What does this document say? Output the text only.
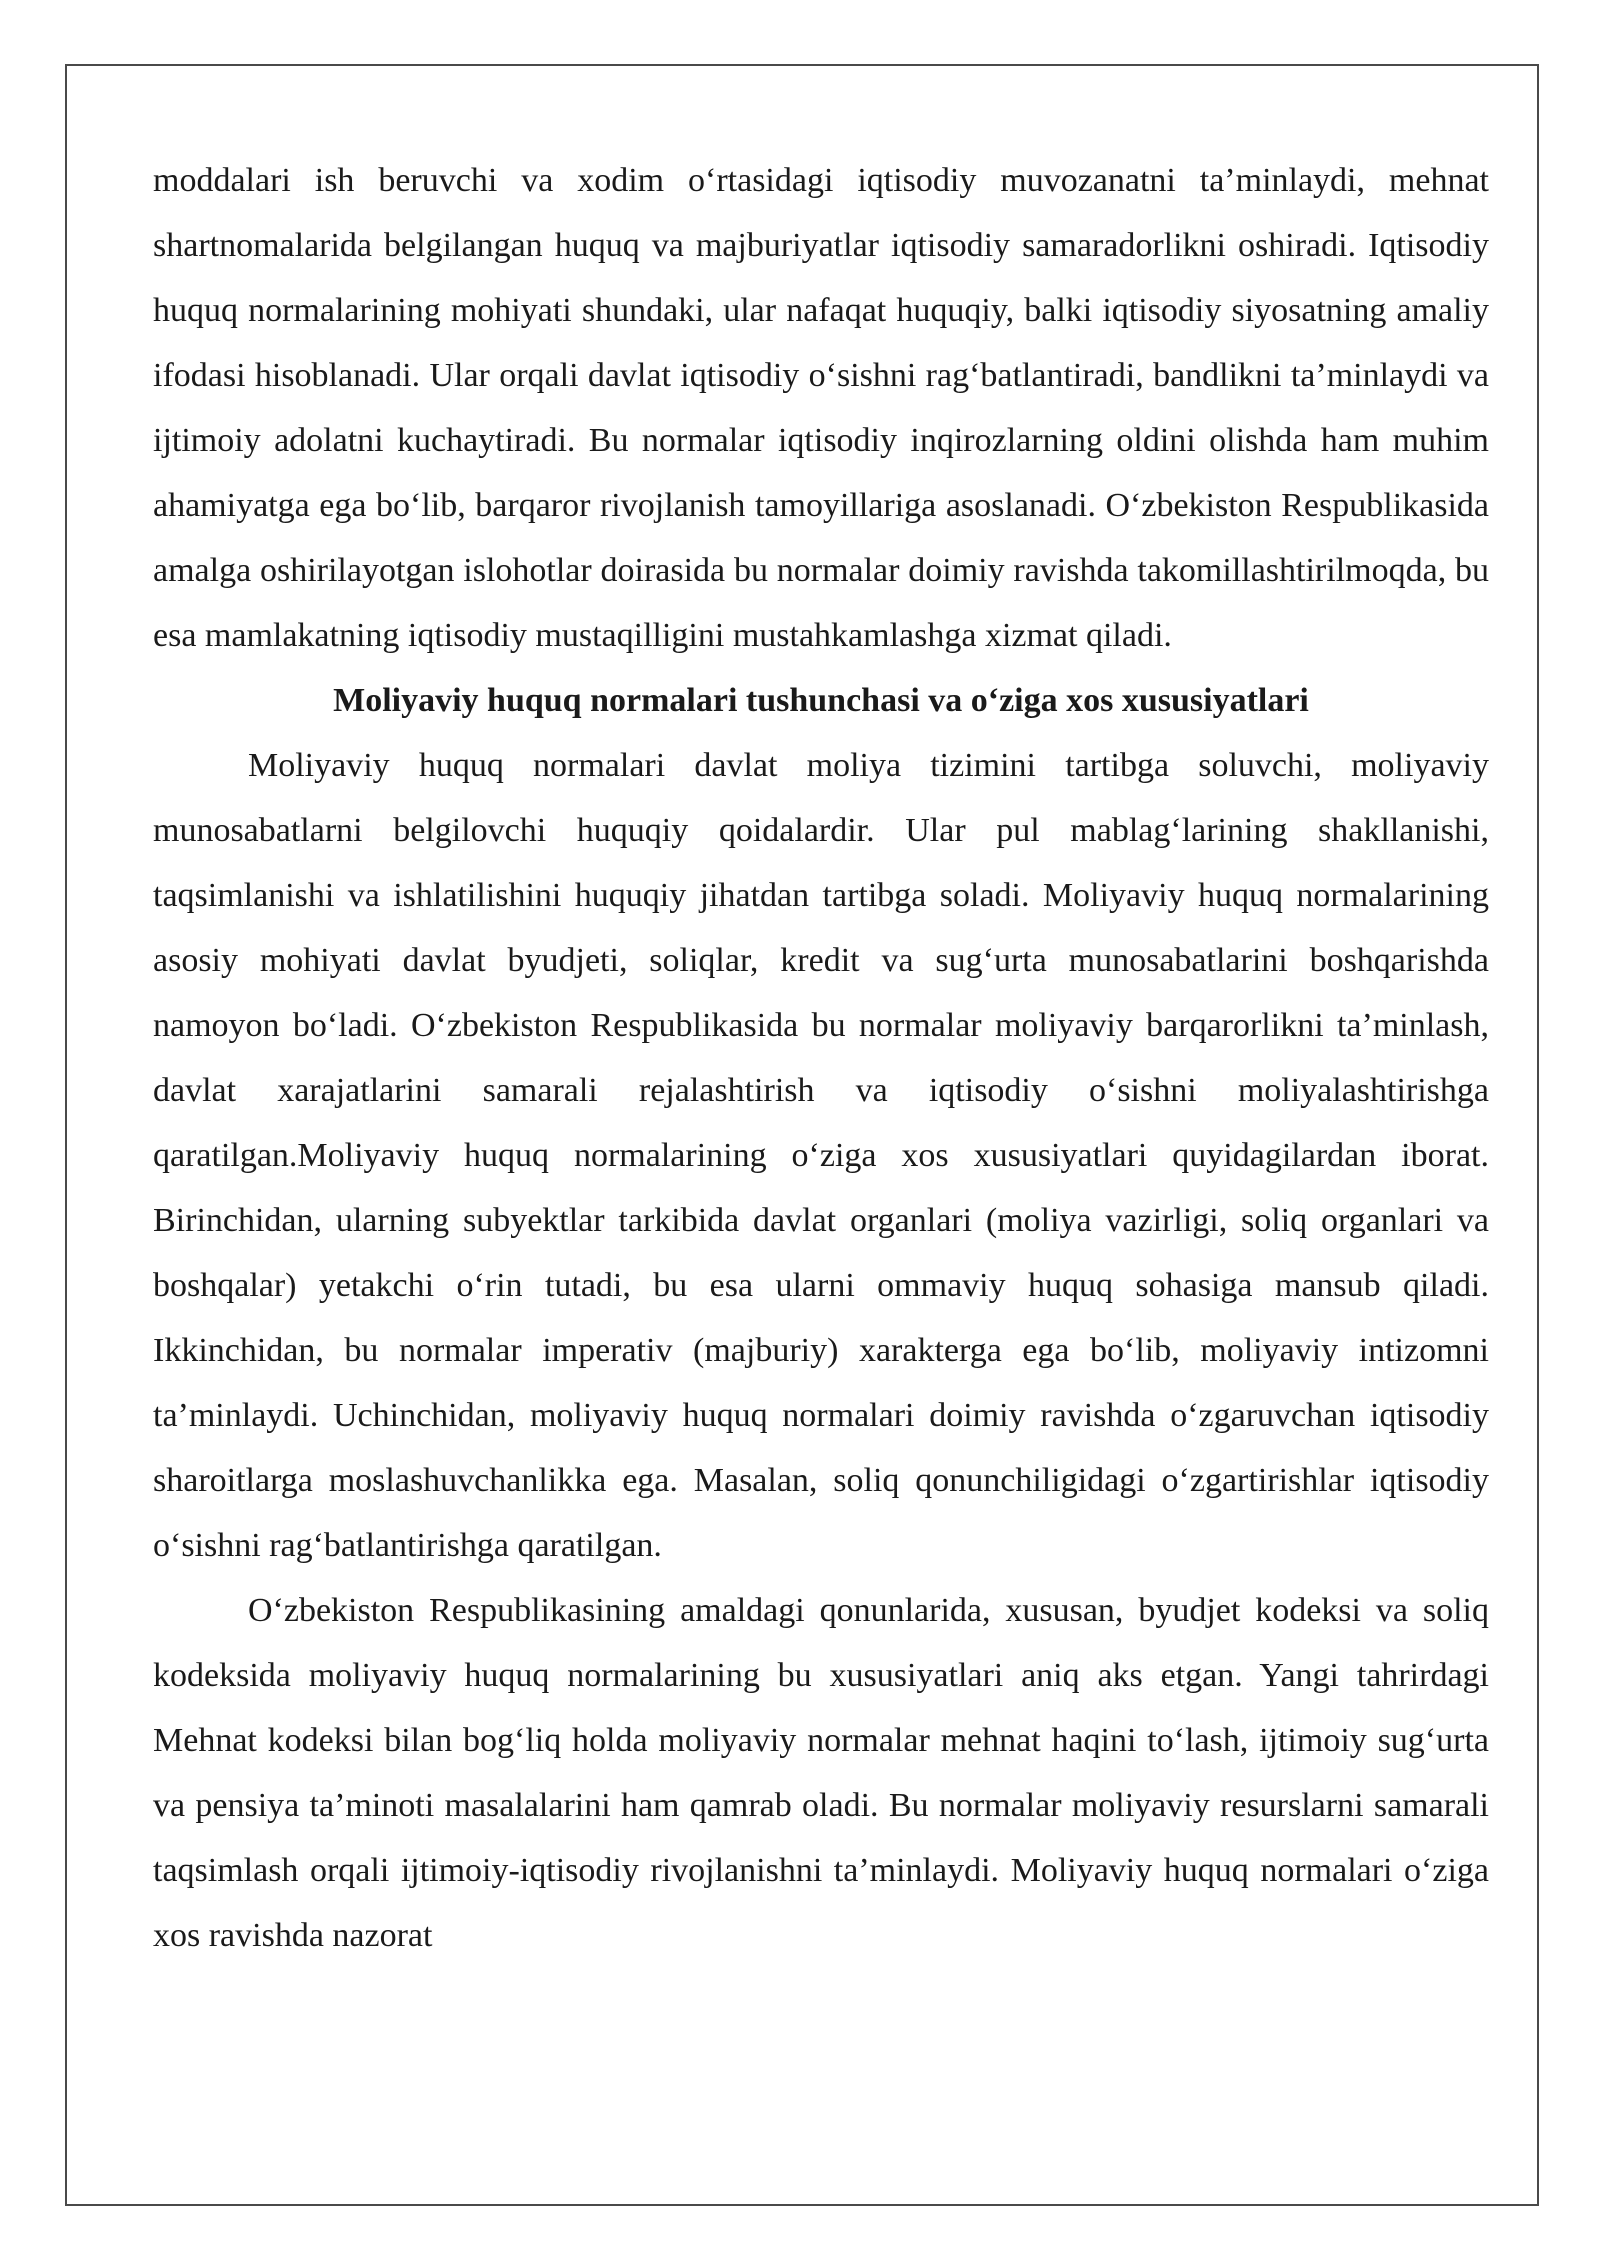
moddalari ish beruvchi va xodim o‘rtasidagi iqtisodiy muvozanatni ta’minlaydi, mehnat shartnomalarida belgilangan huquq va majburiyatlar iqtisodiy samaradorlikni oshiradi. Iqtisodiy huquq normalarining mohiyati shundaki, ular nafaqat huquqiy, balki iqtisodiy siyosatning amaliy ifodasi hisoblanadi. Ular orqali davlat iqtisodiy o‘sishni rag‘batlantiradi, bandlikni ta’minlaydi va ijtimoiy adolatni kuchaytiradi. Bu normalar iqtisodiy inqirozlarning oldini olishda ham muhim ahamiyatga ega bo‘lib, barqaror rivojlanish tamoyillariga asoslanadi. O‘zbekiston Respublikasida amalga oshirilayotgan islohotlar doirasida bu normalar doimiy ravishda takomillashtirilmoqda, bu esa mamlakatning iqtisodiy mustaqilligini mustahkamlashga xizmat qiladi.

Moliyaviy huquq normalari tushunchasi va o‘ziga xos xususiyatlari

Moliyaviy huquq normalari davlat moliya tizimini tartibga soluvchi, moliyaviy munosabatlarni belgilovchi huquqiy qoidalardir. Ular pul mablag‘larining shakllanishi, taqsimlanishi va ishlatilishini huquqiy jihatdan tartibga soladi. Moliyaviy huquq normalarining asosiy mohiyati davlat byudjeti, soliqlar, kredit va sug‘urta munosabatlarini boshqarishda namoyon bo‘ladi. O‘zbekiston Respublikasida bu normalar moliyaviy barqarorlikni ta’minlash, davlat xarajatlarini samarali rejalashtirish va iqtisodiy o‘sishni moliyalashtirishga qaratilgan.Moliyaviy huquq normalarining o‘ziga xos xususiyatlari quyidagilardan iborat. Birinchidan, ularning subyektlar tarkibida davlat organlari (moliya vazirligi, soliq organlari va boshqalar) yetakchi o‘rin tutadi, bu esa ularni ommaviy huquq sohasiga mansub qiladi. Ikkinchidan, bu normalar imperativ (majburiy) xarakterga ega bo‘lib, moliyaviy intizomni ta’minlaydi. Uchinchidan, moliyaviy huquq normalari doimiy ravishda o‘zgaruvchan iqtisodiy sharoitlarga moslashuvchanlikka ega. Masalan, soliq qonunchiligidagi o‘zgartirishlar iqtisodiy o‘sishni rag‘batlantirishga qaratilgan.

O‘zbekiston Respublikasining amaldagi qonunlarida, xususan, byudjet kodeksi va soliq kodeksida moliyaviy huquq normalarining bu xususiyatlari aniq aks etgan. Yangi tahrirdagi Mehnat kodeksi bilan bog‘liq holda moliyaviy normalar mehnat haqini to‘lash, ijtimoiy sug‘urta va pensiya ta’minoti masalalarini ham qamrab oladi. Bu normalar moliyaviy resurslarni samarali taqsimlash orqali ijtimoiy-iqtisodiy rivojlanishni ta’minlaydi. Moliyaviy huquq normalari o‘ziga xos ravishda nazorat
